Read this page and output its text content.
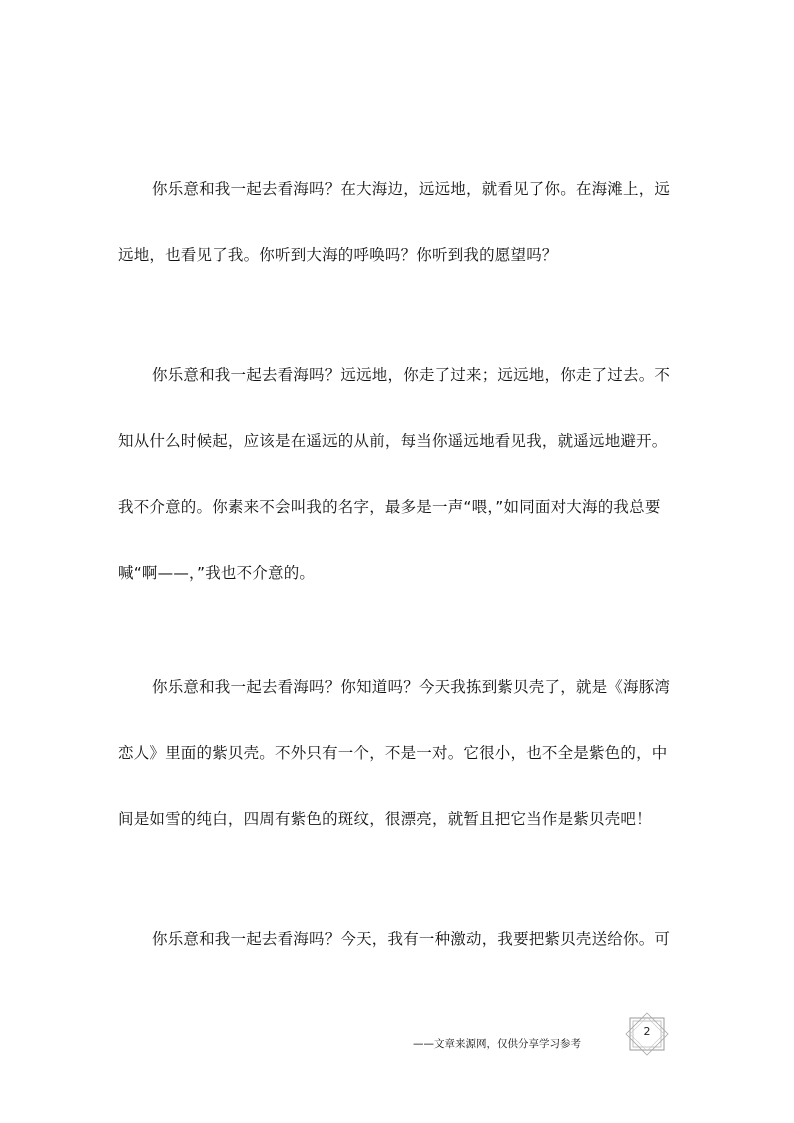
你乐意和我一起去看海吗？在大海边，远远地，就看见了你。在海滩上，远
远地，也看见了我。你听到大海的呼唤吗？你听到我的愿望吗？
你乐意和我一起去看海吗？远远地，你走了过来；远远地，你走了过去。不
知从什么时候起，应该是在遥远的从前，每当你遥远地看见我，就遥远地避开。
我不介意的。你素来不会叫我的名字，最多是一声“喂，”如同面对大海的我总要
喊“啊——，”我也不介意的。
你乐意和我一起去看海吗？你知道吗？今天我拣到紫贝壳了，就是《海豚湾
恋人》里面的紫贝壳。不外只有一个，不是一对。它很小，也不全是紫色的，中
间是如雪的纯白，四周有紫色的斑纹，很漂亮，就暂且把它当作是紫贝壳吧！
你乐意和我一起去看海吗？今天，我有一种激动，我要把紫贝壳送给你。可
——文章来源网，仅供分享学习参考
2
